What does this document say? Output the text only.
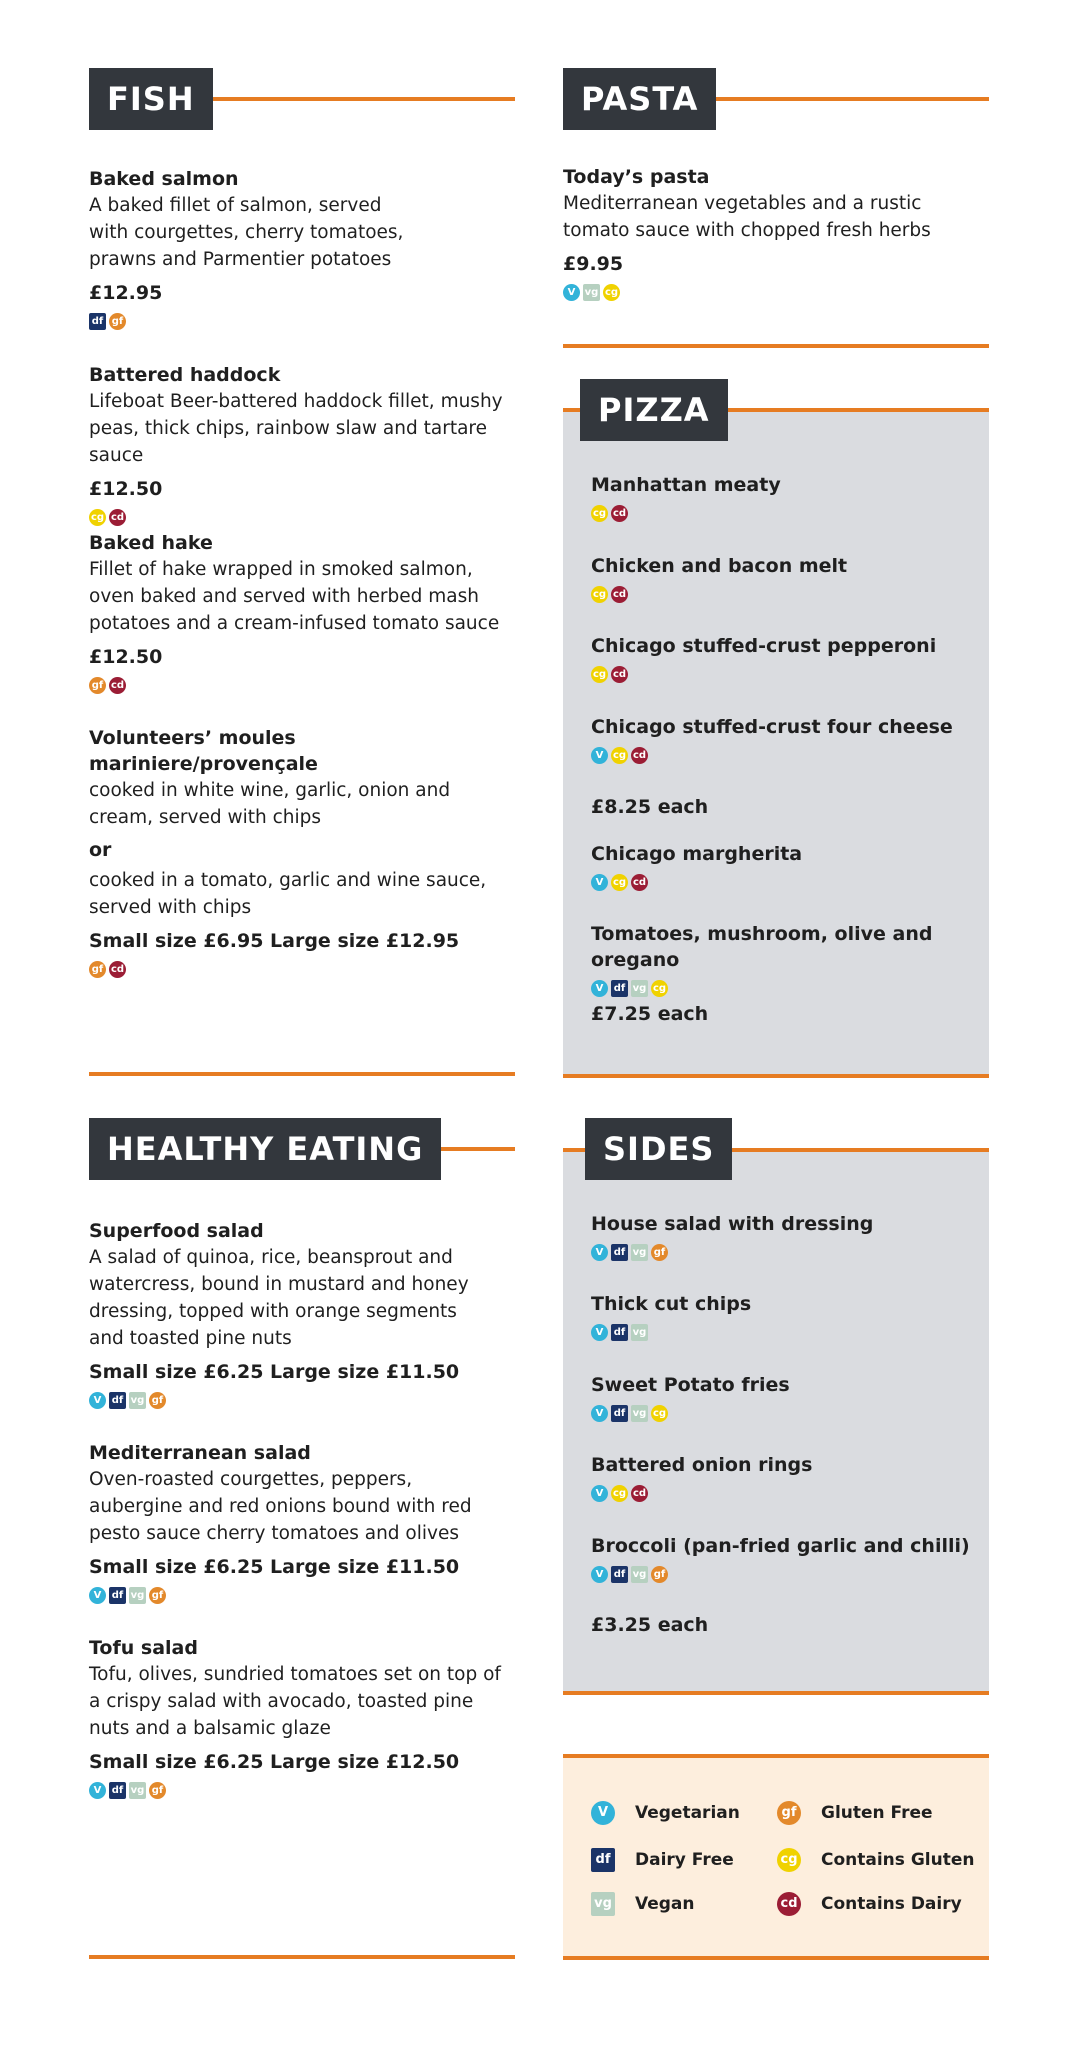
FISH
Baked salmon
A baked fillet of salmon, served with courgettes, cherry tomatoes, prawns and Parmentier potatoes
£12.95
df gf
Battered haddock
Lifeboat Beer-battered haddock fillet, mushy peas, thick chips, rainbow slaw and tartare sauce
£12.50
cg cd
Baked hake
Fillet of hake wrapped in smoked salmon, oven baked and served with herbed mash potatoes and a cream-infused tomato sauce
£12.50
gf cd
Volunteers’ moules mariniere/provençale
cooked in white wine, garlic, onion and cream, served with chips
or
cooked in a tomato, garlic and wine sauce, served with chips
Small size £6.95 Large size £12.95
gf cd
PASTA
Today’s pasta
Mediterranean vegetables and a rustic tomato sauce with chopped fresh herbs
£9.95
V vg cg
PIZZA
Manhattan meaty
cg cd
Chicken and bacon melt
cg cd
Chicago stuffed-crust pepperoni
cg cd
Chicago stuffed-crust four cheese
V cg cd
£8.25 each
Chicago margherita
V cg cd
Tomatoes, mushroom, olive and oregano
V	df vg cg
£7.25 each
HEALTHY EATING
Superfood salad
A salad of quinoa, rice, beansprout and watercress, bound in mustard and honey dressing, topped with orange segments and toasted pine nuts
Small size £6.25 Large size £11.50
V	df vg gf
Mediterranean salad
Oven-roasted courgettes, peppers, aubergine and red onions bound with red pesto sauce cherry tomatoes and olives
Small size £6.25 Large size £11.50
V	df vg gf
Tofu salad
Tofu, olives, sundried tomatoes set on top of a crispy salad with avocado, toasted pine nuts and a balsamic glaze
Small size £6.25 Large size £12.50
V	df vg gf
SIDES
House salad with dressing
V	df vg gf
Thick cut chips
V	df vg
Sweet Potato fries
V	df vg cg
Battered onion rings
V cg cd
Broccoli (pan-fried garlic and chilli)
V	df vg gf
£3.25 each
V	Vegetarian
df Dairy Free
vg Vegan
gf Gluten Free
cg Contains Gluten
cd Contains Dairy
